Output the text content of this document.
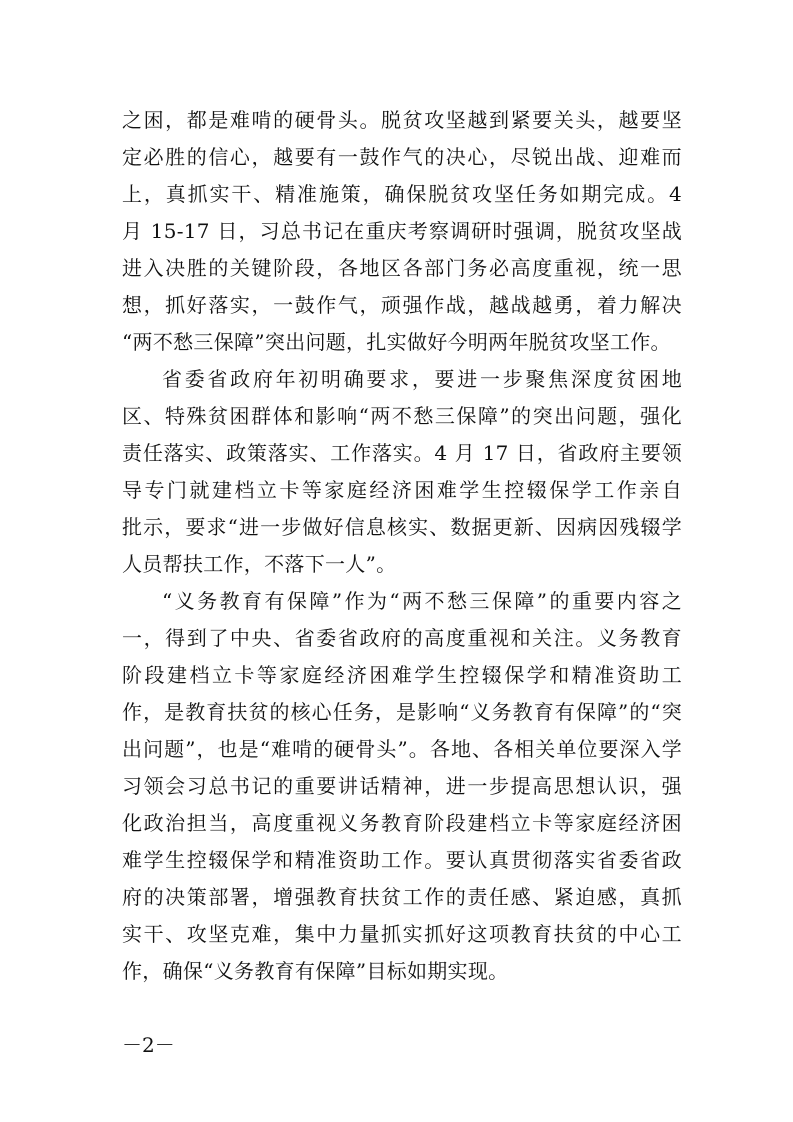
之困，都是难啃的硬骨头。脱贫攻坚越到紧要关头，越要坚
定必胜的信心，越要有一鼓作气的决心，尽锐出战、迎难而
上，真抓实干、精准施策，确保脱贫攻坚任务如期完成。4
月 15-17 日，习总书记在重庆考察调研时强调，脱贫攻坚战
进入决胜的关键阶段，各地区各部门务必高度重视，统一思
想，抓好落实，一鼓作气，顽强作战，越战越勇，着力解决
“两不愁三保障”突出问题，扎实做好今明两年脱贫攻坚工作。
省委省政府年初明确要求，要进一步聚焦深度贫困地
区、特殊贫困群体和影响“两不愁三保障”的突出问题，强化
责任落实、政策落实、工作落实。4 月 17 日，省政府主要领
导专门就建档立卡等家庭经济困难学生控辍保学工作亲自
批示，要求“进一步做好信息核实、数据更新、因病因残辍学
人员帮扶工作，不落下一人”。
“义务教育有保障”作为“两不愁三保障”的重要内容之
一，得到了中央、省委省政府的高度重视和关注。义务教育
阶段建档立卡等家庭经济困难学生控辍保学和精准资助工
作，是教育扶贫的核心任务，是影响“义务教育有保障”的“突
出问题”，也是“难啃的硬骨头”。各地、各相关单位要深入学
习领会习总书记的重要讲话精神，进一步提高思想认识，强
化政治担当，高度重视义务教育阶段建档立卡等家庭经济困
难学生控辍保学和精准资助工作。要认真贯彻落实省委省政
府的决策部署，增强教育扶贫工作的责任感、紧迫感，真抓
实干、攻坚克难，集中力量抓实抓好这项教育扶贫的中心工
作，确保“义务教育有保障”目标如期实现。
－2－
